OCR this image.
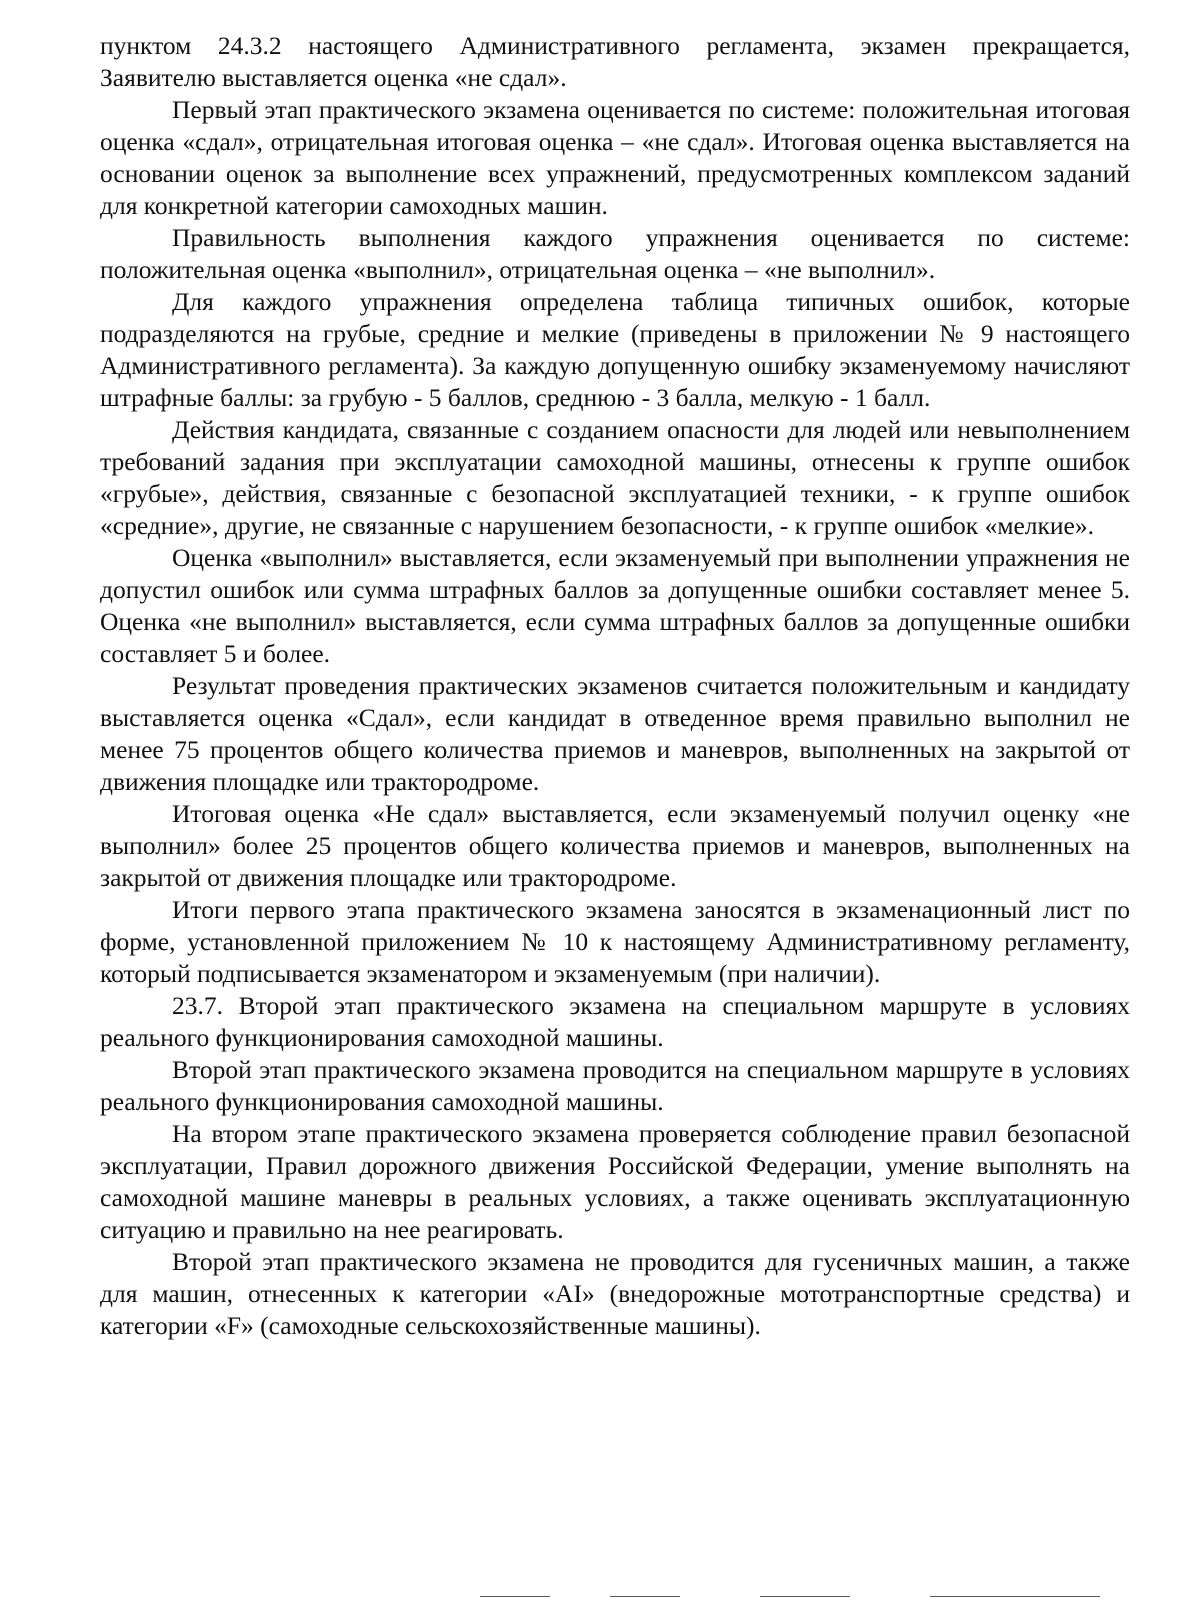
пунктом 24.3.2 настоящего Административного регламента, экзамен прекращается, Заявителю выставляется оценка «не сдал».

Первый этап практического экзамена оценивается по системе: положительная итоговая оценка «сдал», отрицательная итоговая оценка – «не сдал». Итоговая оценка выставляется на основании оценок за выполнение всех упражнений, предусмотренных комплексом заданий для конкретной категории самоходных машин.

Правильность выполнения каждого упражнения оценивается по системе: положительная оценка «выполнил», отрицательная оценка – «не выполнил».

Для каждого упражнения определена таблица типичных ошибок, которые подразделяются на грубые, средние и мелкие (приведены в приложении № 9 настоящего Административного регламента). За каждую допущенную ошибку экзаменуемому начисляют штрафные баллы: за грубую - 5 баллов, среднюю - 3 балла, мелкую - 1 балл.

Действия кандидата, связанные с созданием опасности для людей или невыполнением требований задания при эксплуатации самоходной машины, отнесены к группе ошибок «грубые», действия, связанные с безопасной эксплуатацией техники, - к группе ошибок «средние», другие, не связанные с нарушением безопасности, - к группе ошибок «мелкие».

Оценка «выполнил» выставляется, если экзаменуемый при выполнении упражнения не допустил ошибок или сумма штрафных баллов за допущенные ошибки составляет менее 5. Оценка «не выполнил» выставляется, если сумма штрафных баллов за допущенные ошибки составляет 5 и более.

Результат проведения практических экзаменов считается положительным и кандидату выставляется оценка «Сдал», если кандидат в отведенное время правильно выполнил не менее 75 процентов общего количества приемов и маневров, выполненных на закрытой от движения площадке или трактородроме.

Итоговая оценка «Не сдал» выставляется, если экзаменуемый получил оценку «не выполнил» более 25 процентов общего количества приемов и маневров, выполненных на закрытой от движения площадке или трактородроме.

Итоги первого этапа практического экзамена заносятся в экзаменационный лист по форме, установленной приложением № 10 к настоящему Административному регламенту, который подписывается экзаменатором и экзаменуемым (при наличии).

23.7. Второй этап практического экзамена на специальном маршруте в условиях реального функционирования самоходной машины.

Второй этап практического экзамена проводится на специальном маршруте в условиях реального функционирования самоходной машины.

На втором этапе практического экзамена проверяется соблюдение правил безопасной эксплуатации, Правил дорожного движения Российской Федерации, умение выполнять на самоходной машине маневры в реальных условиях, а также оценивать эксплуатационную ситуацию и правильно на нее реагировать.

Второй этап практического экзамена не проводится для гусеничных машин, а также для машин, отнесенных к категории «AI» (внедорожные мототранспортные средства) и категории «F» (самоходные сельскохозяйственные машины).
